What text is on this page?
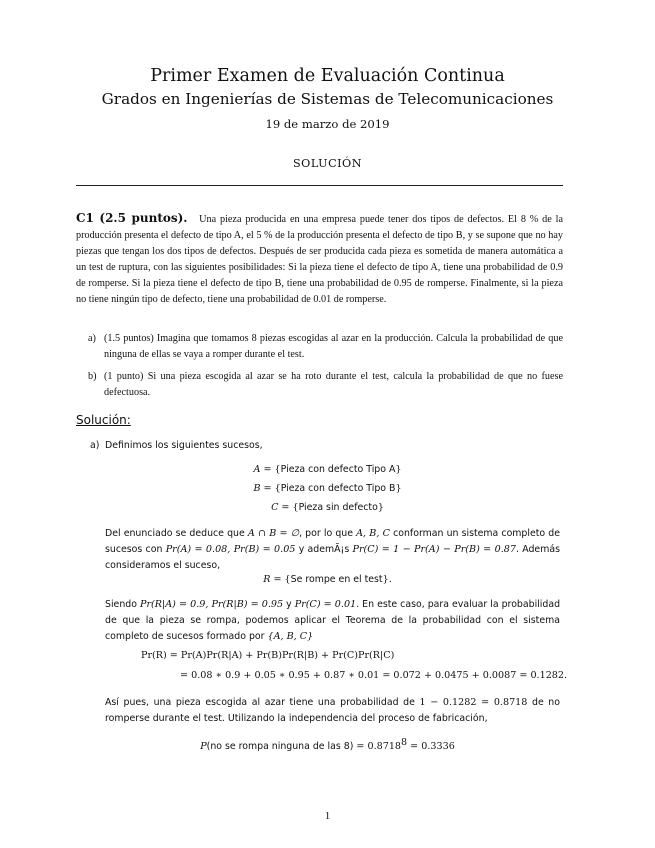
Primer Examen de Evaluación Continua
Grados en Ingenierías de Sistemas de Telecomunicaciones
19 de marzo de 2019
SOLUCIÓN
C1 (2.5 puntos). Una pieza producida en una empresa puede tener dos tipos de defectos. El 8 % de la producción presenta el defecto de tipo A, el 5 % de la producción presenta el defecto de tipo B, y se supone que no hay piezas que tengan los dos tipos de defectos. Después de ser producida cada pieza es sometida de manera automática a un test de ruptura, con las siguientes posibilidades: Si la pieza tiene el defecto de tipo A, tiene una probabilidad de 0.9 de romperse. Si la pieza tiene el defecto de tipo B, tiene una probabilidad de 0.95 de romperse. Finalmente, si la pieza no tiene ningún tipo de defecto, tiene una probabilidad de 0.01 de romperse.
a) (1.5 puntos) Imagina que tomamos 8 piezas escogidas al azar en la producción. Calcula la probabilidad de que ninguna de ellas se vaya a romper durante el test.
b) (1 punto) Si una pieza escogida al azar se ha roto durante el test, calcula la probabilidad de que no fuese defectuosa.
Solución:
a) Definimos los siguientes sucesos,
A = {Pieza con defecto Tipo A}
B = {Pieza con defecto Tipo B}
C = {Pieza sin defecto}
Del enunciado se deduce que A ∩ B = ∅, por lo que A, B, C conforman un sistema completo de sucesos con Pr(A) = 0.08, Pr(B) = 0.05 y ademÃ¡s Pr(C) = 1 − Pr(A) − Pr(B) = 0.87. Además consideramos el suceso,
R = {Se rompe en el test}.
Siendo Pr(R|A) = 0.9, Pr(R|B) = 0.95 y Pr(C) = 0.01. En este caso, para evaluar la probabilidad de que la pieza se rompa, podemos aplicar el Teorema de la probabilidad con el sistema completo de sucesos formado por {A, B, C}
Pr(R) = Pr(A)Pr(R|A) + Pr(B)Pr(R|B) + Pr(C)Pr(R|C)
= 0.08 ∗ 0.9 + 0.05 ∗ 0.95 + 0.87 ∗ 0.01 = 0.072 + 0.0475 + 0.0087 = 0.1282.
Así pues, una pieza escogida al azar tiene una probabilidad de 1 − 0.1282 = 0.8718 de no romperse durante el test. Utilizando la independencia del proceso de fabricación,
P(no se rompa ninguna de las $8) = 0.8718^8 = 0.3336$
1
